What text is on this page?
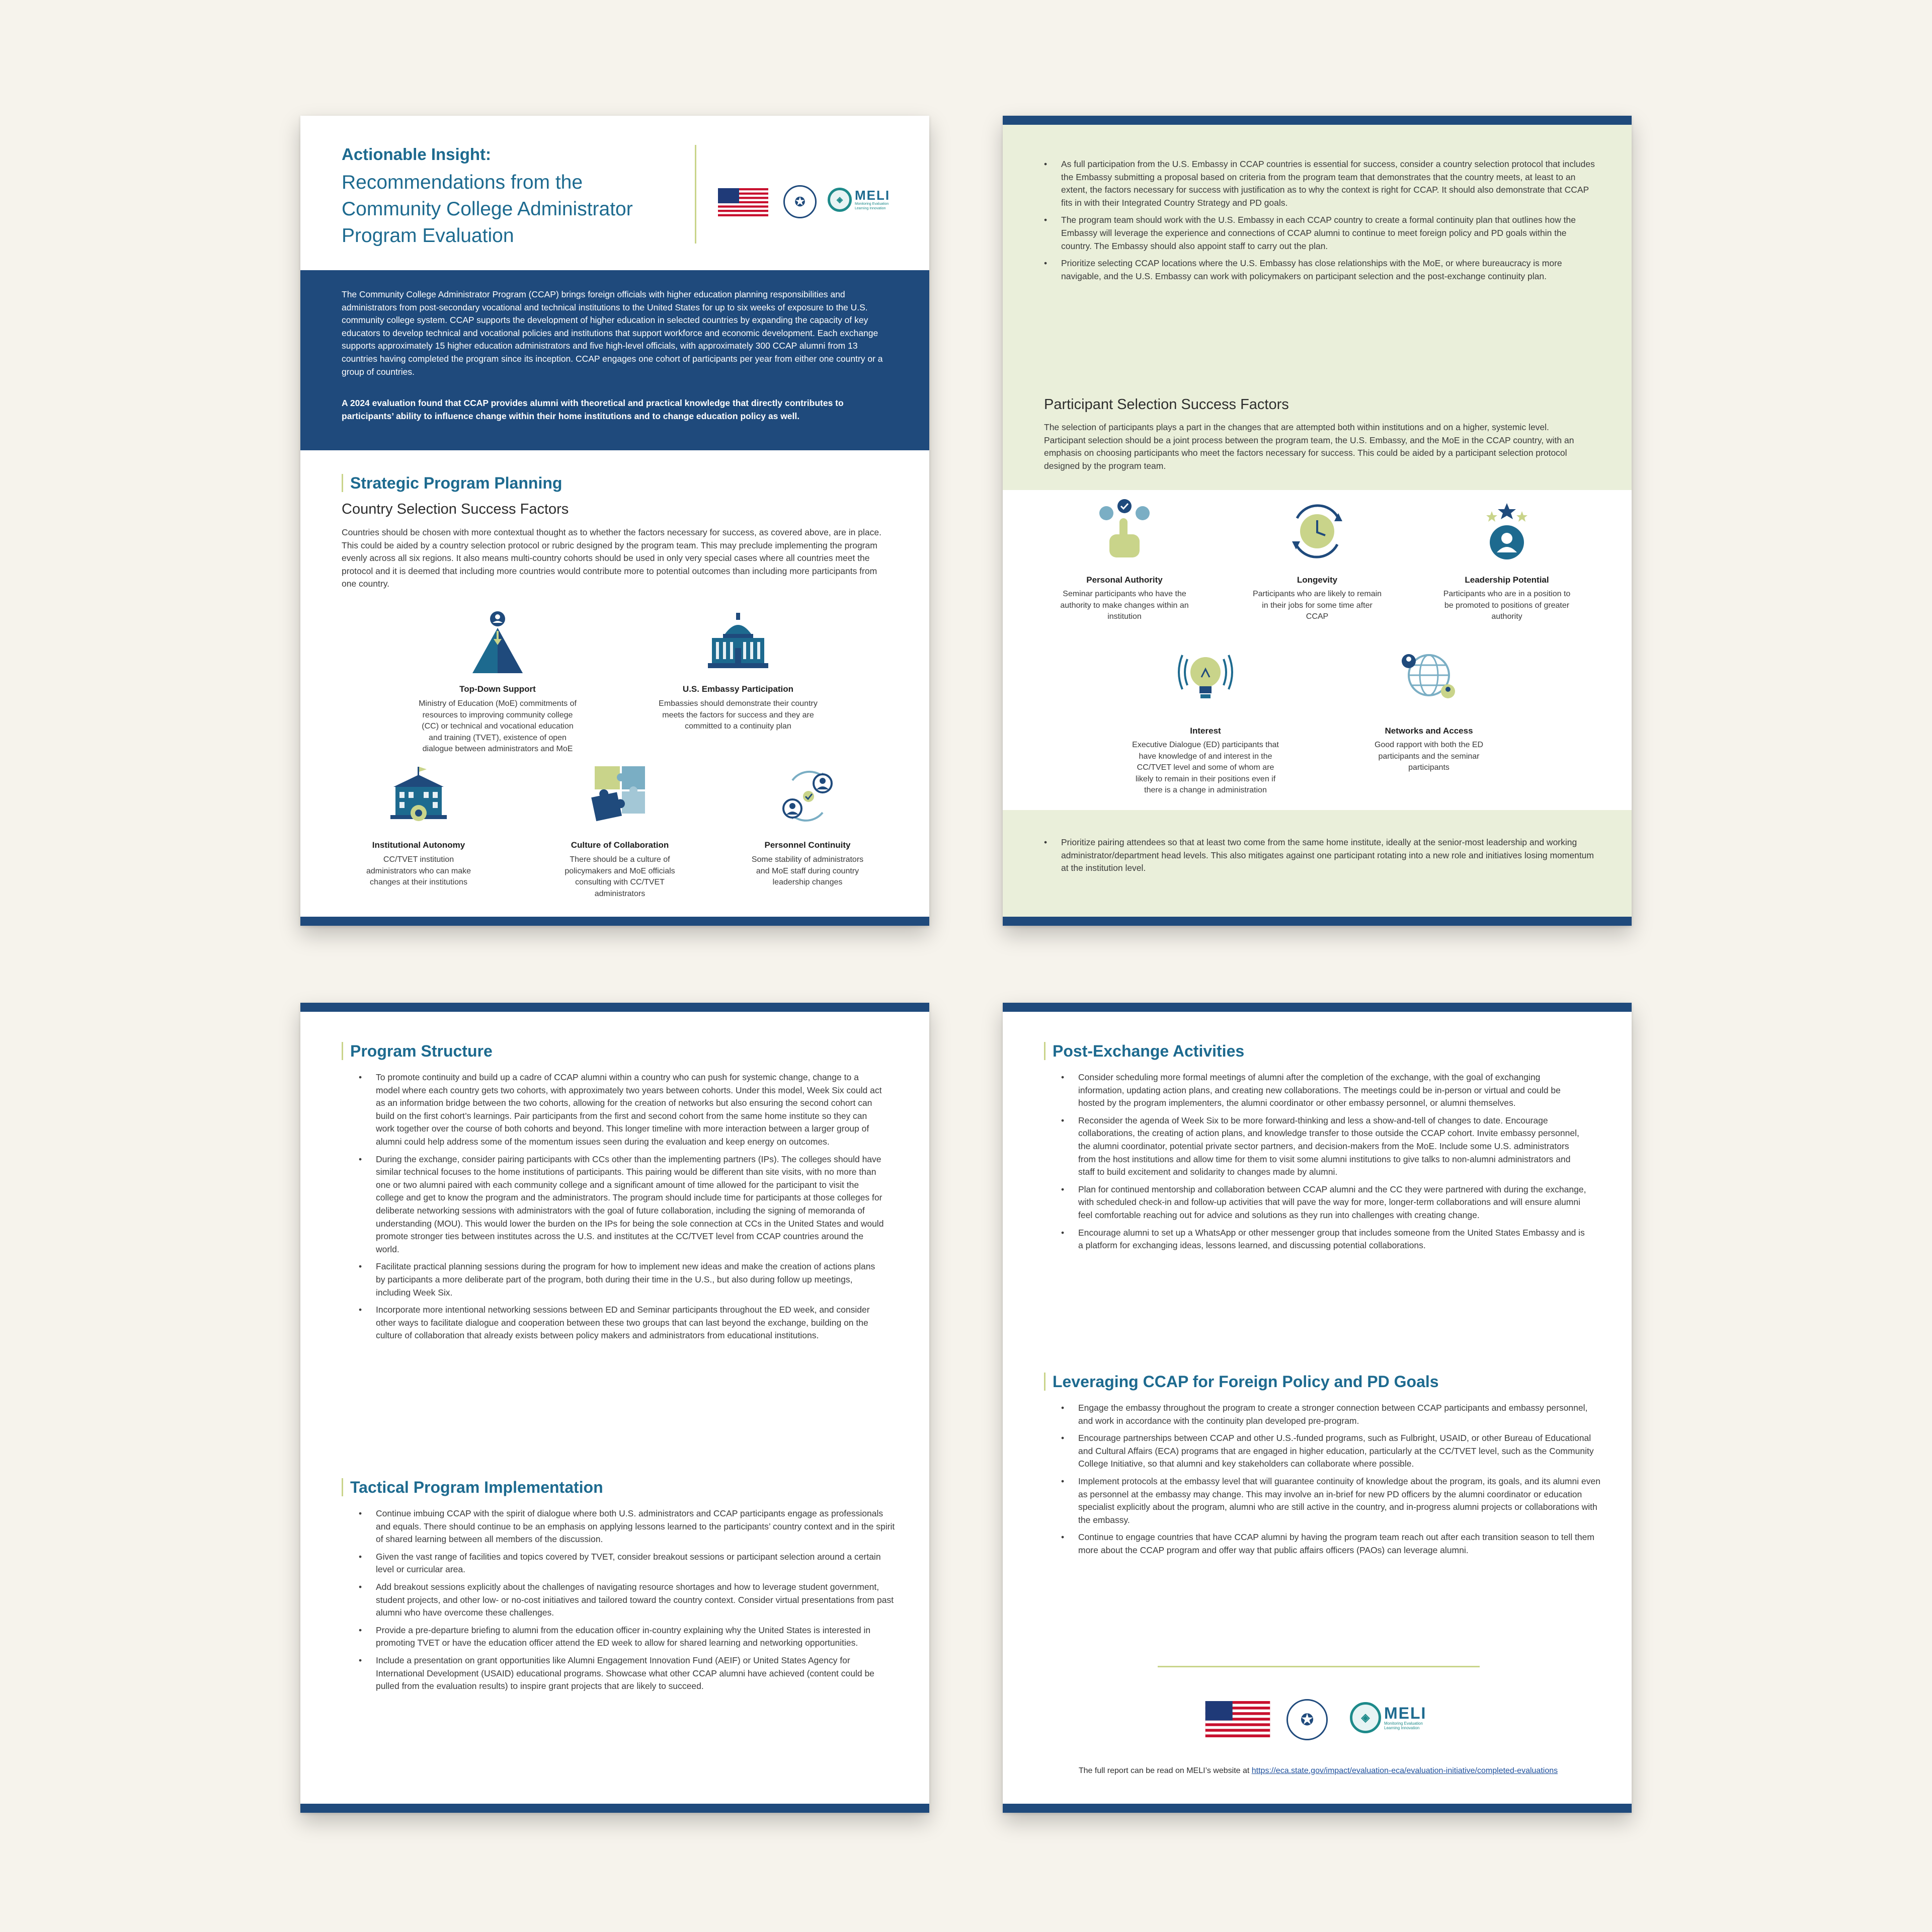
Actionable Insight:
Recommendations from the Community College Administrator Program Evaluation
✪	◈ MELI
Monitoring Evaluation Learning Innovation
The Community College Administrator Program (CCAP) brings foreign officials with higher education planning responsibilities and administrators from post-secondary vocational and technical institutions to the United States for up to six weeks of exposure to the U.S. community college system. CCAP supports the development of higher education in selected countries by expanding the capacity of key educators to develop technical and vocational policies and institutions that support workforce and economic development. Each exchange supports approximately 15 higher education administrators and five high-level officials, with approximately 300 CCAP alumni from 13 countries having completed the program since its inception. CCAP engages one cohort of participants per year from either one country or a group of countries.
A 2024 evaluation found that CCAP provides alumni with theoretical and practical knowledge that directly contributes to participants’ ability to influence change within their home institutions and to change education policy as well.
Strategic Program Planning
Country Selection Success Factors
Countries should be chosen with more contextual thought as to whether the factors necessary for success, as covered above, are in place. This could be aided by a country selection protocol or rubric designed by the program team. This may preclude implementing the program evenly across all six regions. It also means multi-country cohorts should be used in only very special cases where all countries meet the protocol and it is deemed that including more countries would contribute more to potential outcomes than including more participants from one country.
Top-Down Support
Ministry of Education (MoE) commitments of resources to improving community college (CC) or technical and vocational education and training (TVET), existence of open dialogue between administrators and MoE
U.S. Embassy Participation
Embassies should demonstrate their country meets the factors for success and they are committed to a continuity plan
Institutional Autonomy
CC/TVET institution administrators who can make changes at their institutions
Culture of Collaboration
There should be a culture of policymakers and MoE officials consulting with CC/TVET administrators
Personnel Continuity
Some stability of administrators and MoE staff during country leadership changes
• As full participation from the U.S. Embassy in CCAP countries is essential for success, consider a country selection protocol that includes the Embassy submitting a proposal based on criteria from the program team that demonstrates that the country meets, at least to an extent, the factors necessary for success with justification as to why the context is right for CCAP. It should also demonstrate that CCAP fits in with their Integrated Country Strategy and PD goals.
• The program team should work with the U.S. Embassy in each CCAP country to create a formal continuity plan that outlines how the Embassy will leverage the experience and connections of CCAP alumni to continue to meet foreign policy and PD goals within the country. The Embassy should also appoint staff to carry out the plan.
• Prioritize selecting CCAP locations where the U.S. Embassy has close relationships with the MoE, or where bureaucracy is more navigable, and the U.S. Embassy can work with policymakers on participant selection and the post-exchange continuity plan.
Participant Selection Success Factors
The selection of participants plays a part in the changes that are attempted both within institutions and on a higher, systemic level. Participant selection should be a joint process between the program team, the U.S. Embassy, and the MoE in the CCAP country, with an emphasis on choosing participants who meet the factors necessary for success. This could be aided by a participant selection protocol designed by the program team.
Personal Authority
Seminar participants who have the authority to make changes within an institution
Longevity
Participants who are likely to remain in their jobs for some time after CCAP
Leadership Potential
Participants who are in a position to be promoted to positions of greater authority
Interest
Executive Dialogue (ED) participants that have knowledge of and interest in the CC/TVET level and some of whom are likely to remain in their positions even if there is a change in administration
Networks and Access
Good rapport with both the ED participants and the seminar participants
• Prioritize pairing attendees so that at least two come from the same home institute, ideally at the senior-most leadership and working administrator/department head levels. This also mitigates against one participant rotating into a new role and initiatives losing momentum at the institution level.
Program Structure
• To promote continuity and build up a cadre of CCAP alumni within a country who can push for systemic change, change to a model where each country gets two cohorts, with approximately two years between cohorts. Under this model, Week Six could act as an information bridge between the two cohorts, allowing for the creation of networks but also ensuring the second cohort can build on the first cohort’s learnings. Pair participants from the first and second cohort from the same home institute so they can work together over the course of both cohorts and beyond. This longer timeline with more interaction between a larger group of alumni could help address some of the momentum issues seen during the evaluation and keep energy on outcomes.
• During the exchange, consider pairing participants with CCs other than the implementing partners (IPs). The colleges should have similar technical focuses to the home institutions of participants. This pairing would be different than site visits, with no more than one or two alumni paired with each community college and a significant amount of time allowed for the participant to visit the college and get to know the program and the administrators. The program should include time for participants at those colleges for deliberate networking sessions with administrators with the goal of future collaboration, including the signing of memoranda of understanding (MOU). This would lower the burden on the IPs for being the sole connection at CCs in the United States and would promote stronger ties between institutes across the U.S. and institutes at the CC/TVET level from CCAP countries around the world.
• Facilitate practical planning sessions during the program for how to implement new ideas and make the creation of actions plans by participants a more deliberate part of the program, both during their time in the U.S., but also during follow up meetings, including Week Six.
• Incorporate more intentional networking sessions between ED and Seminar participants throughout the ED week, and consider other ways to facilitate dialogue and cooperation between these two groups that can last beyond the exchange, building on the culture of collaboration that already exists between policy makers and administrators from educational institutions.
Tactical Program Implementation
• Continue imbuing CCAP with the spirit of dialogue where both U.S. administrators and CCAP participants engage as professionals and equals. There should continue to be an emphasis on applying lessons learned to the participants’ country context and in the spirit of shared learning between all members of the discussion.
• Given the vast range of facilities and topics covered by TVET, consider breakout sessions or participant selection around a certain level or curricular area.
• Add breakout sessions explicitly about the challenges of navigating resource shortages and how to leverage student government, student projects, and other low- or no-cost initiatives and tailored toward the country context. Consider virtual presentations from past alumni who have overcome these challenges.
• Provide a pre-departure briefing to alumni from the education officer in-country explaining why the United States is interested in promoting TVET or have the education officer attend the ED week to allow for shared learning and networking opportunities.
• Include a presentation on grant opportunities like Alumni Engagement Innovation Fund (AEIF) or United States Agency for International Development (USAID) educational programs. Showcase what other CCAP alumni have achieved (content could be pulled from the evaluation results) to inspire grant projects that are likely to succeed.
Post-Exchange Activities
• Consider scheduling more formal meetings of alumni after the completion of the exchange, with the goal of exchanging information, updating action plans, and creating new collaborations. The meetings could be in-person or virtual and could be hosted by the program implementers, the alumni coordinator or other embassy personnel, or alumni themselves.
• Reconsider the agenda of Week Six to be more forward-thinking and less a show-and-tell of changes to date. Encourage collaborations, the creating of action plans, and knowledge transfer to those outside the CCAP cohort. Invite embassy personnel, the alumni coordinator, potential private sector partners, and decision-makers from the MoE. Include some U.S. administrators from the host institutions and allow time for them to visit some alumni institutions to give talks to non-alumni administrators and staff to build excitement and solidarity to changes made by alumni.
• Plan for continued mentorship and collaboration between CCAP alumni and the CC they were partnered with during the exchange, with scheduled check-in and follow-up activities that will pave the way for more, longer-term collaborations and will ensure alumni feel comfortable reaching out for advice and solutions as they run into challenges with creating change.
• Encourage alumni to set up a WhatsApp or other messenger group that includes someone from the United States Embassy and is a platform for exchanging ideas, lessons learned, and discussing potential collaborations.
Leveraging CCAP for Foreign Policy and PD Goals
• Engage the embassy throughout the program to create a stronger connection between CCAP participants and embassy personnel, and work in accordance with the continuity plan developed pre-program.
• Encourage partnerships between CCAP and other U.S.-funded programs, such as Fulbright, USAID, or other Bureau of Educational and Cultural Affairs (ECA) programs that are engaged in higher education, particularly at the CC/TVET level, such as the Community College Initiative, so that alumni and key stakeholders can collaborate where possible.
• Implement protocols at the embassy level that will guarantee continuity of knowledge about the program, its goals, and its alumni even as personnel at the embassy may change. This may involve an in-brief for new PD officers by the alumni coordinator or education specialist explicitly about the program, alumni who are still active in the country, and in-progress alumni projects or collaborations with the embassy.
• Continue to engage countries that have CCAP alumni by having the program team reach out after each transition season to tell them more about the CCAP program and offer way that public affairs officers (PAOs) can leverage alumni.
✪	◈ MELI
Monitoring Evaluation Learning Innovation
The full report can be read on MELI’s website at https://eca.state.gov/impact/evaluation-eca/evaluation-initiative/completed-evaluations
